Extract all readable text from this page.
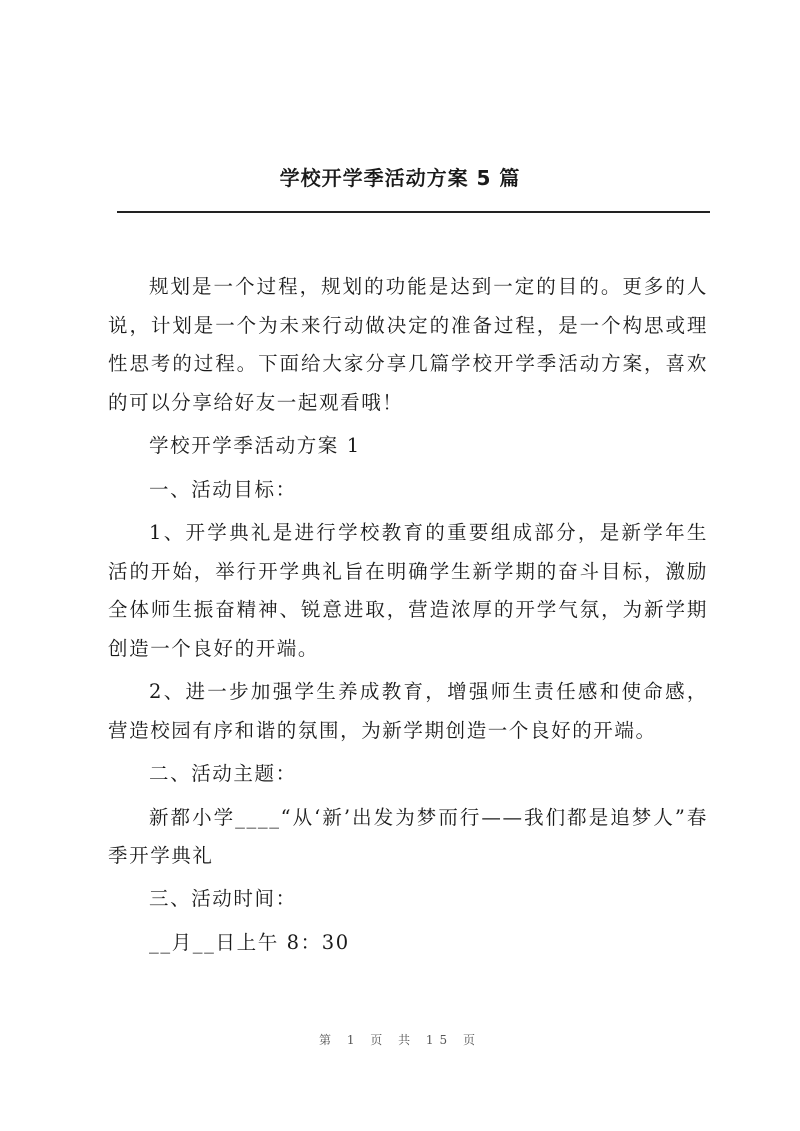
学校开学季活动方案 5 篇

规划是一个过程，规划的功能是达到一定的目的。更多的人说，计划是一个为未来行动做决定的准备过程，是一个构思或理性思考的过程。下面给大家分享几篇学校开学季活动方案，喜欢的可以分享给好友一起观看哦！

学校开学季活动方案 1

一、活动目标：

1、开学典礼是进行学校教育的重要组成部分，是新学年生活的开始，举行开学典礼旨在明确学生新学期的奋斗目标，激励全体师生振奋精神、锐意进取，营造浓厚的开学气氛，为新学期创造一个良好的开端。

2、进一步加强学生养成教育，增强师生责任感和使命感，营造校园有序和谐的氛围，为新学期创造一个良好的开端。

二、活动主题：

新都小学____“从‘新’出发为梦而行——我们都是追梦人”春季开学典礼

三、活动时间：

__月__日上午 8：30

第 1 页 共 15 页
